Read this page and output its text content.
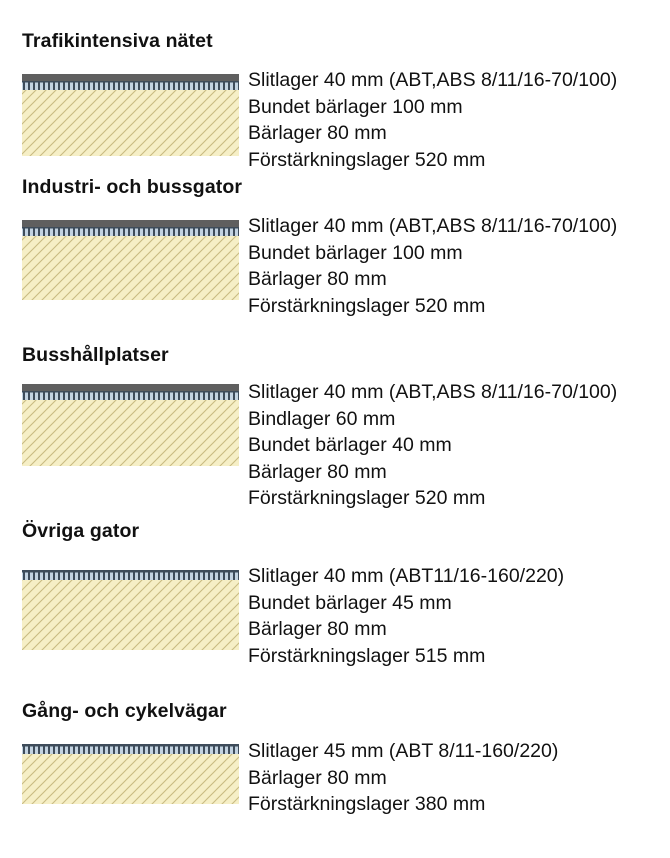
Trafikintensiva nätet
Slitlager 40 mm (ABT,ABS 8/11/16-70/100)
Bundet bärlager 100 mm
Bärlager 80 mm
Förstärkningslager 520 mm
Industri- och bussgator
Slitlager 40 mm (ABT,ABS 8/11/16-70/100)
Bundet bärlager 100 mm
Bärlager 80 mm
Förstärkningslager 520 mm
Busshållplatser
Slitlager 40 mm (ABT,ABS 8/11/16-70/100)
Bindlager 60 mm
Bundet bärlager 40 mm
Bärlager 80 mm
Förstärkningslager 520 mm
Övriga gator
Slitlager 40 mm (ABT11/16-160/220)
Bundet bärlager 45 mm
Bärlager 80 mm
Förstärkningslager 515 mm
Gång- och cykelvägar
Slitlager 45 mm (ABT 8/11-160/220)
Bärlager 80 mm
Förstärkningslager 380 mm
